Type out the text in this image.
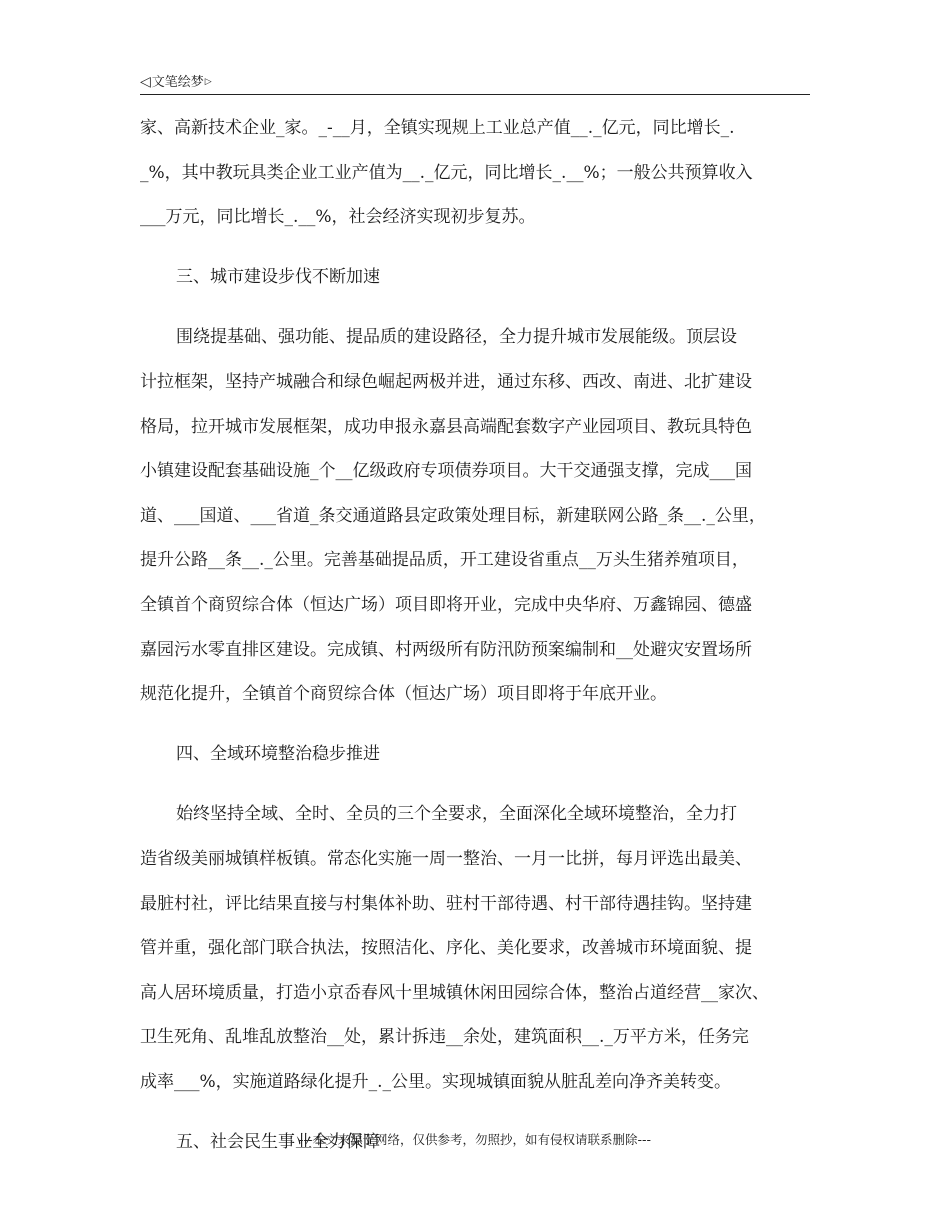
◁文笔绘梦▷
家、高新技术企业_家。_-__月，全镇实现规上工业总产值__._亿元，同比增长_.
_%，其中教玩具类企业工业产值为__._亿元，同比增长_.__%；一般公共预算收入
___万元，同比增长_.__%，社会经济实现初步复苏。
三、城市建设步伐不断加速
围绕提基础、强功能、提品质的建设路径，全力提升城市发展能级。顶层设
计拉框架，坚持产城融合和绿色崛起两极并进，通过东移、西改、南进、北扩建设
格局，拉开城市发展框架，成功申报永嘉县高端配套数字产业园项目、教玩具特色
小镇建设配套基础设施_个__亿级政府专项债券项目。大干交通强支撑，完成___国
道、___国道、___省道_条交通道路县定政策处理目标，新建联网公路_条__._公里，
提升公路__条__._公里。完善基础提品质，开工建设省重点__万头生猪养殖项目，
全镇首个商贸综合体（恒达广场）项目即将开业，完成中央华府、万鑫锦园、德盛
嘉园污水零直排区建设。完成镇、村两级所有防汛防预案编制和__处避灾安置场所
规范化提升，全镇首个商贸综合体（恒达广场）项目即将于年底开业。
四、全域环境整治稳步推进
始终坚持全域、全时、全员的三个全要求，全面深化全域环境整治，全力打
造省级美丽城镇样板镇。常态化实施一周一整治、一月一比拼，每月评选出最美、
最脏村社，评比结果直接与村集体补助、驻村干部待遇、村干部待遇挂钩。坚持建
管并重，强化部门联合执法，按照洁化、序化、美化要求，改善城市环境面貌、提
高人居环境质量，打造小京岙春风十里城镇休闲田园综合体，整治占道经营__家次、
卫生死角、乱堆乱放整治__处，累计拆违__余处，建筑面积__._万平方米，任务完
成率___%，实施道路绿化提升_._公里。实现城镇面貌从脏乱差向净齐美转变。
五、社会民生事业全力保障
---本文来源于网络，仅供参考，勿照抄，如有侵权请联系删除---
